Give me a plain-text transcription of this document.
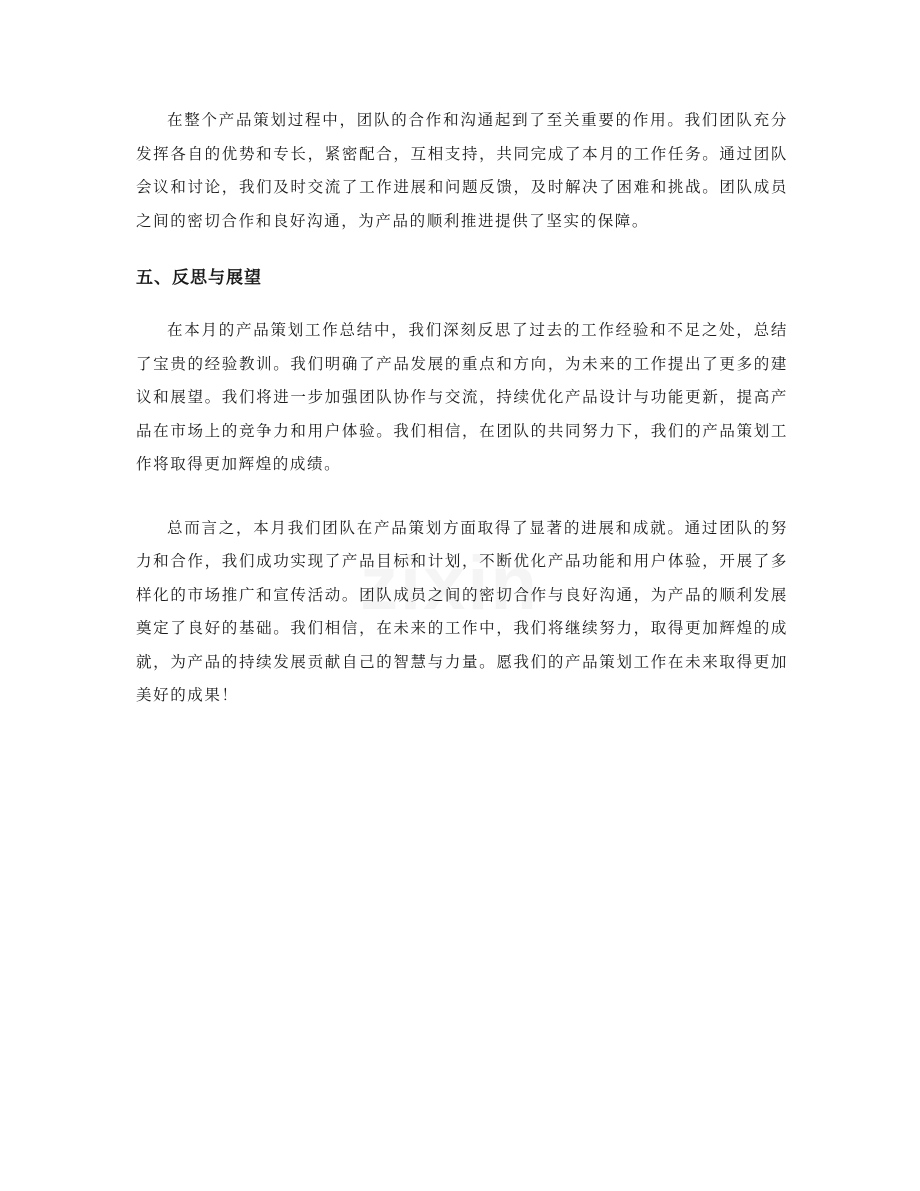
zixin

在整个产品策划过程中，团队的合作和沟通起到了至关重要的作用。我们团队充分发挥各自的优势和专长，紧密配合，互相支持，共同完成了本月的工作任务。通过团队会议和讨论，我们及时交流了工作进展和问题反馈，及时解决了困难和挑战。团队成员之间的密切合作和良好沟通，为产品的顺利推进提供了坚实的保障。

五、反思与展望

在本月的产品策划工作总结中，我们深刻反思了过去的工作经验和不足之处，总结了宝贵的经验教训。我们明确了产品发展的重点和方向，为未来的工作提出了更多的建议和展望。我们将进一步加强团队协作与交流，持续优化产品设计与功能更新，提高产品在市场上的竞争力和用户体验。我们相信，在团队的共同努力下，我们的产品策划工作将取得更加辉煌的成绩。

总而言之，本月我们团队在产品策划方面取得了显著的进展和成就。通过团队的努力和合作，我们成功实现了产品目标和计划，不断优化产品功能和用户体验，开展了多样化的市场推广和宣传活动。团队成员之间的密切合作与良好沟通，为产品的顺利发展奠定了良好的基础。我们相信，在未来的工作中，我们将继续努力，取得更加辉煌的成就，为产品的持续发展贡献自己的智慧与力量。愿我们的产品策划工作在未来取得更加美好的成果！
